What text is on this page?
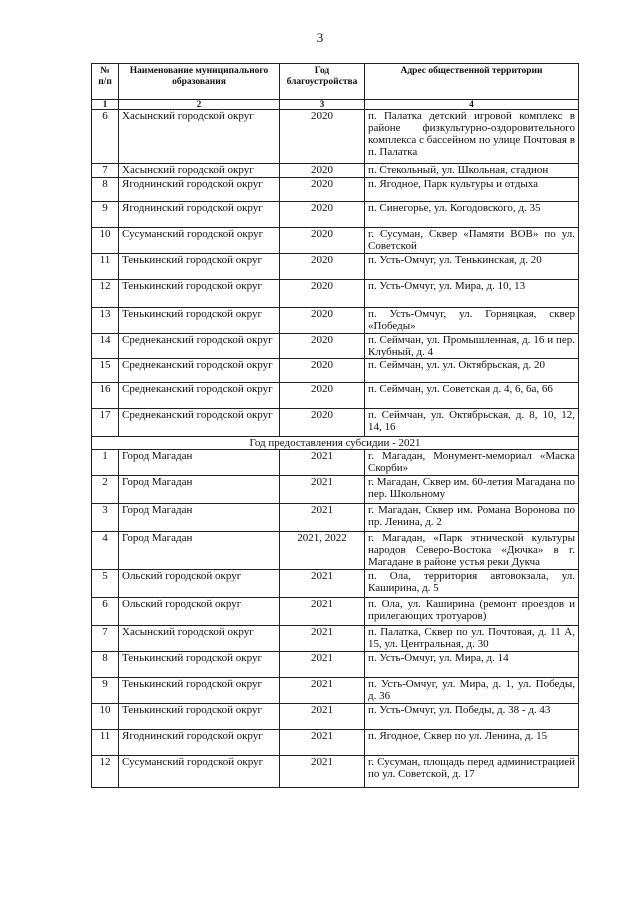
3
№ п/п	Наименование муниципального образования	Год благоустройства	Адрес общественной территории
1	2	3	4
6	Хасынский городской округ	2020	п. Палатка детский игровой комплекс в районе физкультурно-оздоровительного комплекса с бассейном по улице Почтовая в п. Палатка
7	Хасынский городской округ	2020	п. Стекольный, ул. Школьная, стадион
8	Ягоднинский городской округ	2020	п. Ягодное, Парк культуры и отдыха
9	Ягоднинский городской округ	2020	п. Синегорье, ул. Когодовского, д. 35
10	Сусуманский городской округ	2020	г. Сусуман, Сквер «Памяти ВОВ» по ул. Советской
11	Тенькинский городской округ	2020	п. Усть-Омчуг, ул. Тенькинская, д. 20
12	Тенькинский городской округ	2020	п. Усть-Омчуг, ул. Мира, д. 10, 13
13	Тенькинский городской округ	2020	п. Усть-Омчуг, ул. Горняцкая, сквер «Победы»
14	Среднеканский городской округ	2020	п. Сеймчан, ул. Промышленная, д. 16 и пер. Клубный, д. 4
15	Среднеканский городской округ	2020	п. Сеймчан, ул. ул. Октябрьская, д. 20
16	Среднеканский городской округ	2020	п. Сеймчан, ул. Советская д. 4, 6, 6а, 66
17	Среднеканский городской округ	2020	п. Сеймчан, ул. Октябрьская, д. 8, 10, 12, 14, 16
Год предоставления субсидии - 2021			
1	Город Магадан	2021	г. Магадан, Монумент-мемориал «Маска Скорби»
2	Город Магадан	2021	г. Магадан, Сквер им. 60-летия Магадана по пер. Школьному
3	Город Магадан	2021	г. Магадан, Сквер им. Романа Воронова по пр. Ленина, д. 2
4	Город Магадан	2021, 2022	г. Магадан, «Парк этнической культуры народов Северо-Востока «Дючка» в г. Магадане в районе устья реки Дукча
5	Ольский городской округ	2021	п. Ола, территория автовокзала, ул. Каширина, д. 5
6	Ольский городской округ	2021	п. Ола, ул. Каширина (ремонт проездов и прилегающих тротуаров)
7	Хасынский городской округ	2021	п. Палатка, Сквер по ул. Почтовая, д. 11 А, 15, ул. Центральная, д. 30
8	Тенькинский городской округ	2021	п. Усть-Омчуг, ул. Мира, д. 14
9	Тенькинский городской округ	2021	п. Усть-Омчуг, ул. Мира, д. 1, ул. Победы, д. 36
10	Тенькинский городской округ	2021	п. Усть-Омчуг, ул. Победы, д. 38 - д. 43
11	Ягоднинский городской округ	2021	п. Ягодное, Сквер по ул. Ленина, д. 15
12	Сусуманский городской округ	2021	г. Сусуман, площадь перед администрацией по ул. Советской, д. 17
